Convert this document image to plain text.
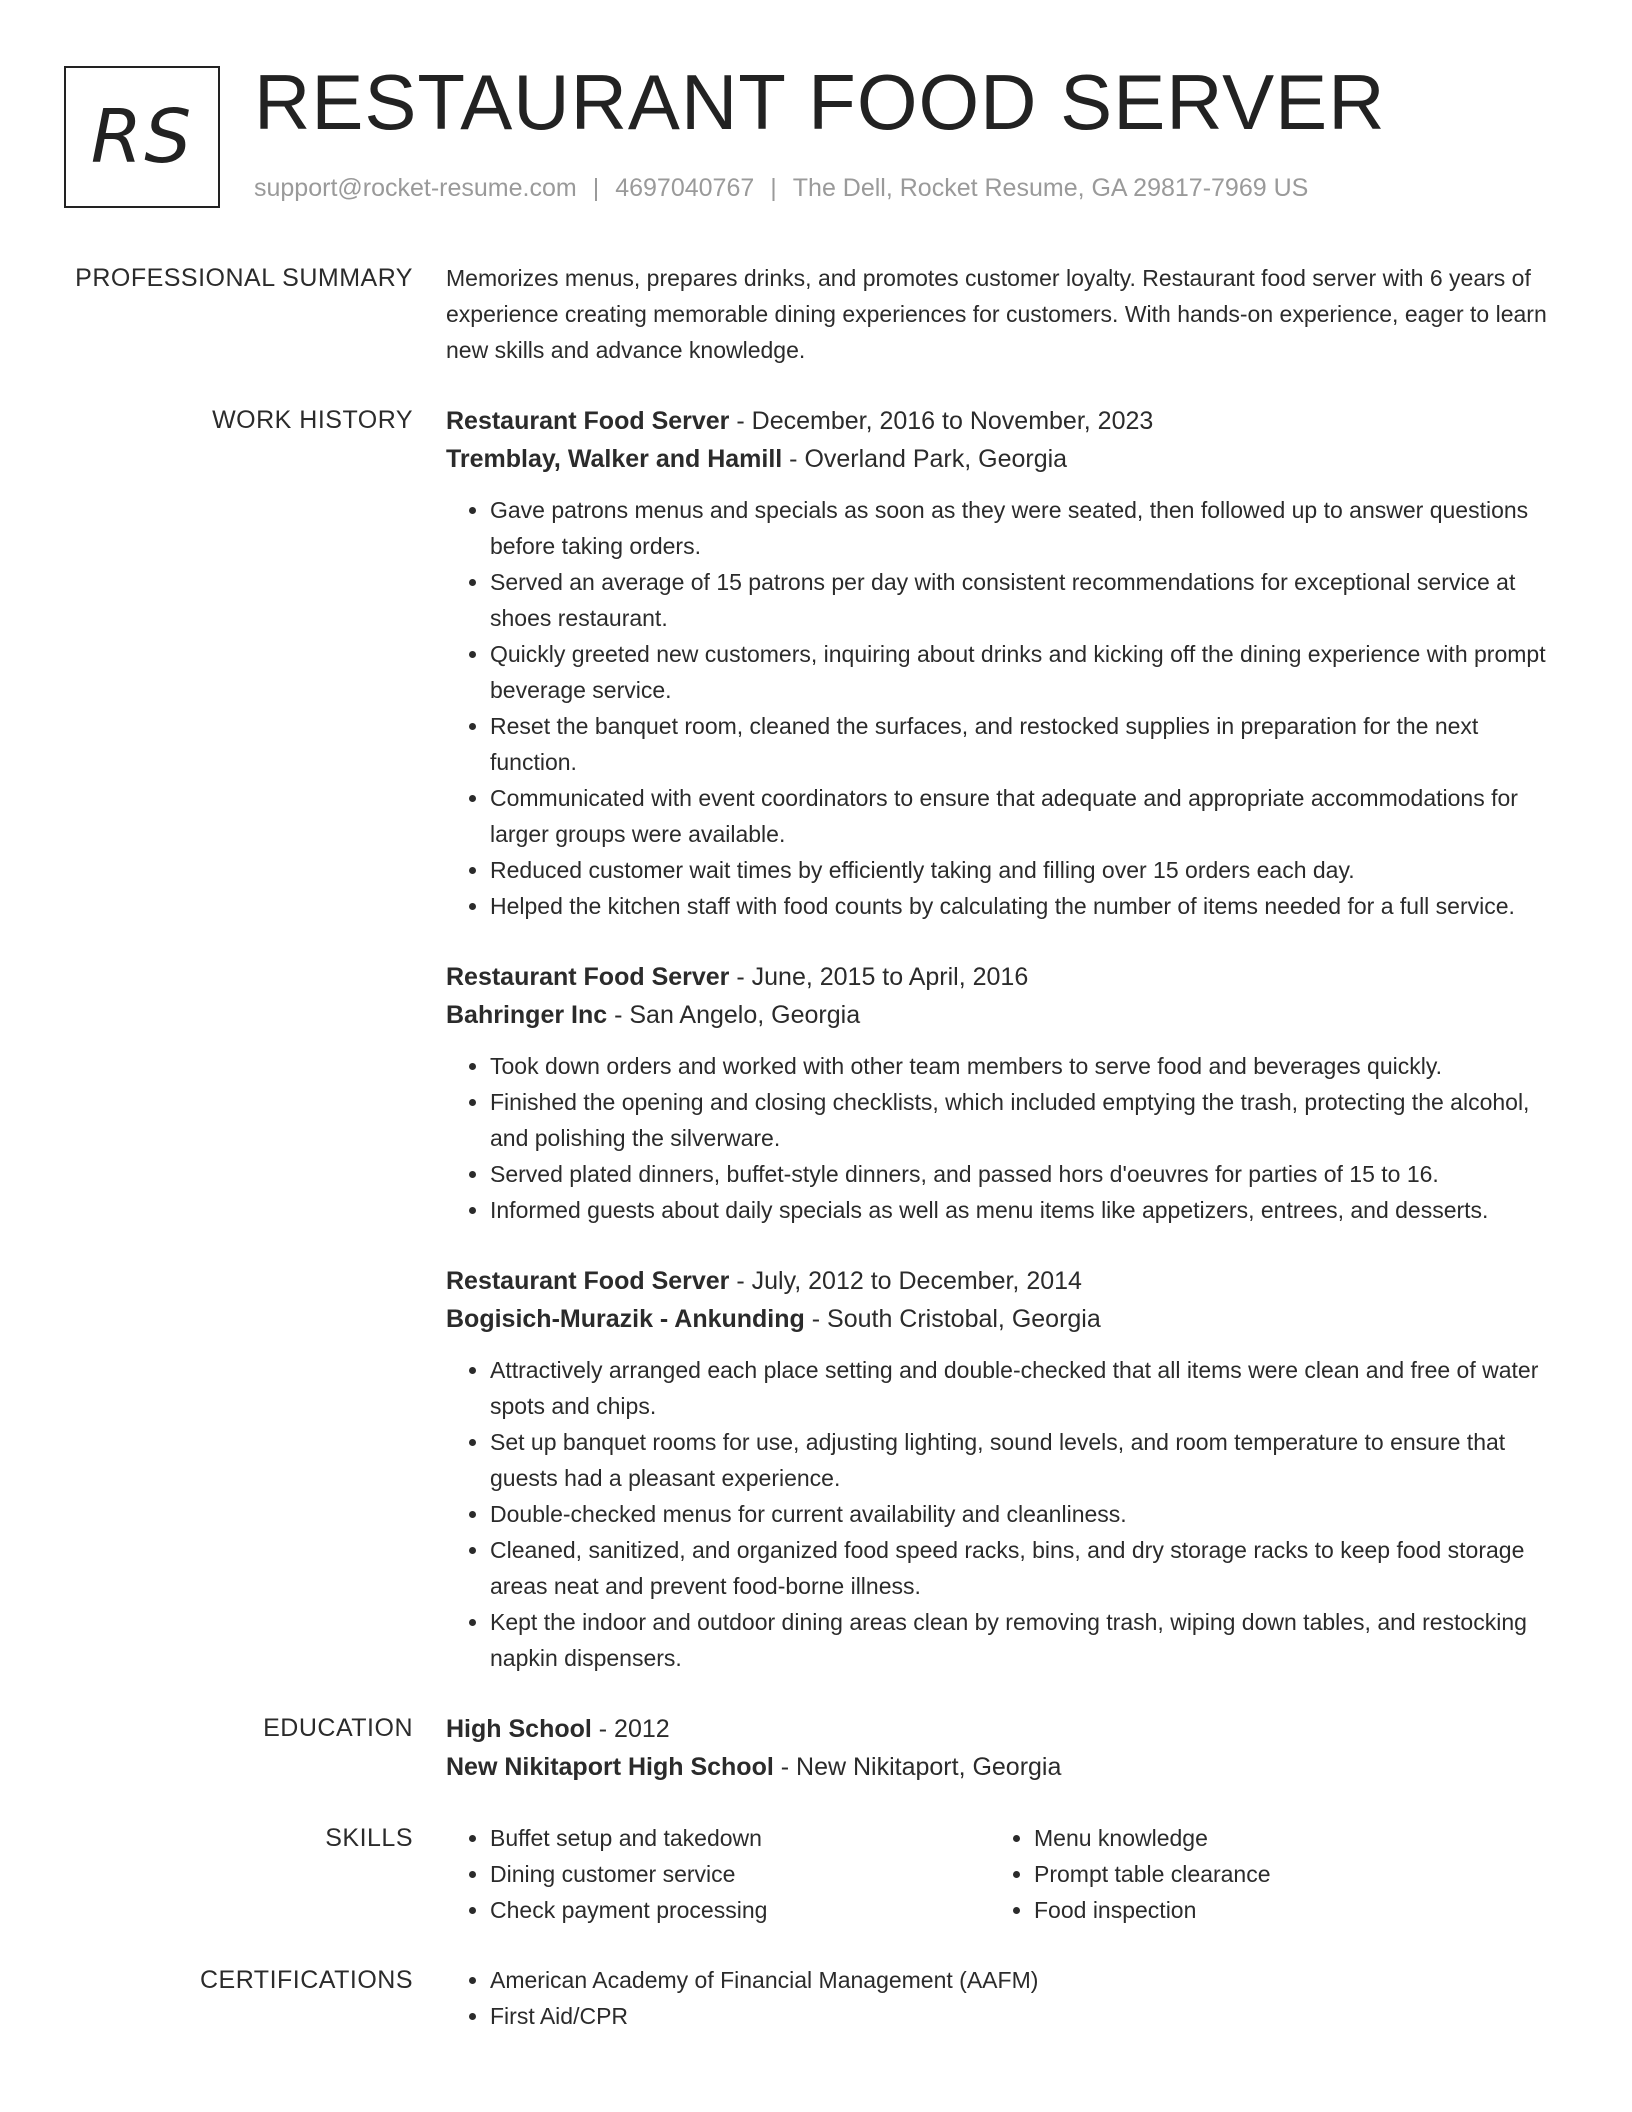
RS RESTAURANT FOOD SERVER
support@rocket-resume.com | 4697040767 | The Dell, Rocket Resume, GA 29817-7969 US
PROFESSIONAL SUMMARY Memorizes menus, prepares drinks, and promotes customer loyalty. Restaurant food server with 6 years of experience creating memorable dining experiences for customers. With hands-on experience, eager to learn new skills and advance knowledge.

WORK HISTORY Restaurant Food Server - December, 2016 to November, 2023
Tremblay, Walker and Hamill - Overland Park, Georgia
• Gave patrons menus and specials as soon as they were seated, then followed up to answer questions before taking orders.
• Served an average of 15 patrons per day with consistent recommendations for exceptional service at shoes restaurant.
• Quickly greeted new customers, inquiring about drinks and kicking off the dining experience with prompt beverage service.
• Reset the banquet room, cleaned the surfaces, and restocked supplies in preparation for the next function.
• Communicated with event coordinators to ensure that adequate and appropriate accommodations for larger groups were available.
• Reduced customer wait times by efficiently taking and filling over 15 orders each day.
• Helped the kitchen staff with food counts by calculating the number of items needed for a full service.
Restaurant Food Server - June, 2015 to April, 2016
Bahringer Inc - San Angelo, Georgia
• Took down orders and worked with other team members to serve food and beverages quickly.
• Finished the opening and closing checklists, which included emptying the trash, protecting the alcohol, and polishing the silverware.
• Served plated dinners, buffet-style dinners, and passed hors d'oeuvres for parties of 15 to 16.
• Informed guests about daily specials as well as menu items like appetizers, entrees, and desserts.
Restaurant Food Server - July, 2012 to December, 2014
Bogisich-Murazik - Ankunding - South Cristobal, Georgia
• Attractively arranged each place setting and double-checked that all items were clean and free of water spots and chips.
• Set up banquet rooms for use, adjusting lighting, sound levels, and room temperature to ensure that guests had a pleasant experience.
• Double-checked menus for current availability and cleanliness.
• Cleaned, sanitized, and organized food speed racks, bins, and dry storage racks to keep food storage areas neat and prevent food-borne illness.
• Kept the indoor and outdoor dining areas clean by removing trash, wiping down tables, and restocking napkin dispensers.
EDUCATION High School - 2012
New Nikitaport High School - New Nikitaport, Georgia
SKILLS	• Buffet setup and takedown
• Dining customer service
• Check payment processing
• Menu knowledge
• Prompt table clearance
• Food inspection
CERTIFICATIONS	• American Academy of Financial Management (AAFM)
• First Aid/CPR
